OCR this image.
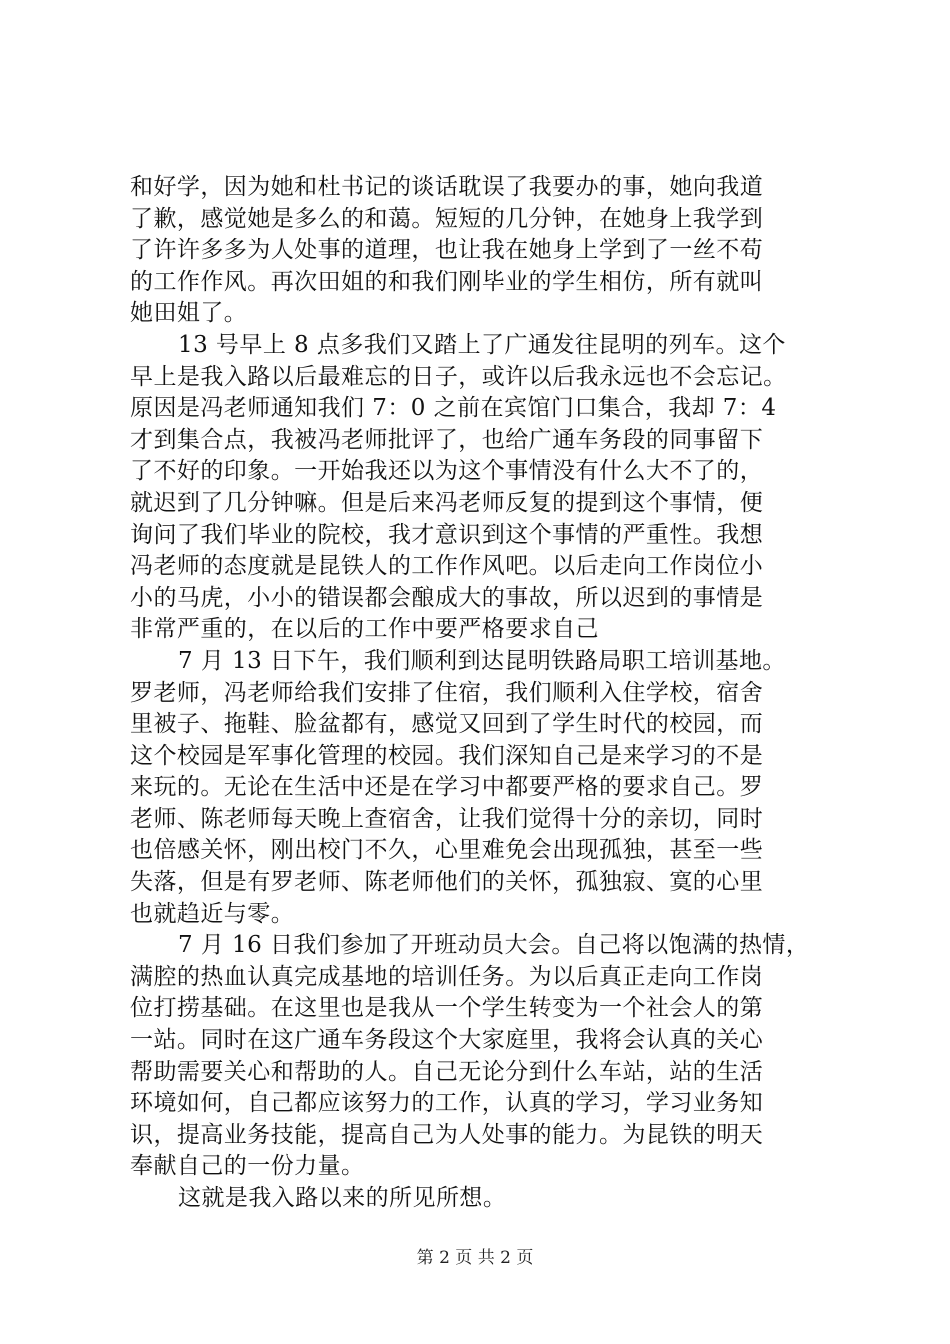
和好学，因为她和杜书记的谈话耽误了我要办的事，她向我道
了歉，感觉她是多么的和蔼。短短的几分钟，在她身上我学到
了许许多多为人处事的道理，也让我在她身上学到了一丝不苟
的工作作风。再次田姐的和我们刚毕业的学生相仿，所有就叫
她田姐了。
13 号早上 8 点多我们又踏上了广通发往昆明的列车。这个
早上是我入路以后最难忘的日子，或许以后我永远也不会忘记。
原因是冯老师通知我们 7：0 之前在宾馆门口集合，我却 7：4
才到集合点，我被冯老师批评了，也给广通车务段的同事留下
了不好的印象。一开始我还以为这个事情没有什么大不了的，
就迟到了几分钟嘛。但是后来冯老师反复的提到这个事情，便
询问了我们毕业的院校，我才意识到这个事情的严重性。我想
冯老师的态度就是昆铁人的工作作风吧。以后走向工作岗位小
小的马虎，小小的错误都会酿成大的事故，所以迟到的事情是
非常严重的，在以后的工作中要严格要求自己
7 月 13 日下午，我们顺利到达昆明铁路局职工培训基地。
罗老师，冯老师给我们安排了住宿，我们顺利入住学校，宿舍
里被子、拖鞋、脸盆都有，感觉又回到了学生时代的校园，而
这个校园是军事化管理的校园。我们深知自己是来学习的不是
来玩的。无论在生活中还是在学习中都要严格的要求自己。罗
老师、陈老师每天晚上查宿舍，让我们觉得十分的亲切，同时
也倍感关怀，刚出校门不久，心里难免会出现孤独，甚至一些
失落，但是有罗老师、陈老师他们的关怀，孤独寂、寞的心里
也就趋近与零。
7 月 16 日我们参加了开班动员大会。自己将以饱满的热情，
满腔的热血认真完成基地的培训任务。为以后真正走向工作岗
位打捞基础。在这里也是我从一个学生转变为一个社会人的第
一站。同时在这广通车务段这个大家庭里，我将会认真的关心
帮助需要关心和帮助的人。自己无论分到什么车站，站的生活
环境如何，自己都应该努力的工作，认真的学习，学习业务知
识，提高业务技能，提高自己为人处事的能力。为昆铁的明天
奉献自己的一份力量。
这就是我入路以来的所见所想。
第 2 页 共 2 页
